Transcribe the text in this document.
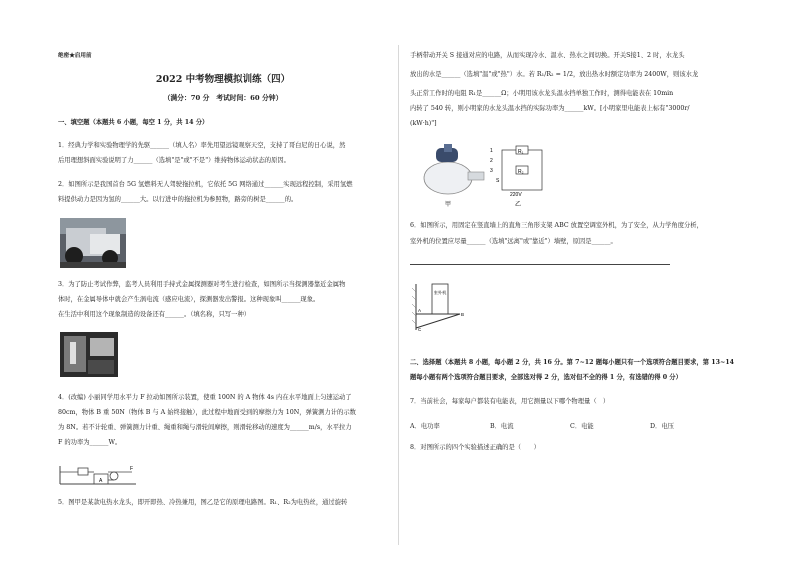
绝密★启用前

2022 中考物理模拟训练（四）

（满分：70 分　考试时间：60 分钟）

一、填空题（本题共 6 小题，每空 1 分，共 14 分）

1．经典力学和实验物理学的先驱______（填人名）率先用望远镜观察天空，支持了哥白尼的日心说，然

后用理想斜面实验说明了力______（选填"是"或"不是"）维持物体运动状态的原因。

2．如图所示是我国首台 5G 氢燃料无人驾驶拖拉机，它依托 5G 网络通过______实现远程控制，采用氢燃

料提供动力是因为氢的______大。以行进中的拖拉机为参照物，路旁的树是______的。

3．为了防止考试作弊，监考人员利用手持式金属探测器对考生进行检查，如图所示当探测器靠近金属物

体时，在金属导体中就会产生涡电流（感应电流），探测器发出警报。这种现象叫______现象。

在生活中利用这个现象制造的设备还有______。（填名称，只写一种）

4．(改编) 小丽同学用水平力 F 拉动如图所示装置，使重 100N 的 A 物体 4s 内在水平地面上匀速运动了

80cm，物体 B 重 50N（物体 B 与 A 始终接触），此过程中地面受到的摩擦力为 10N，弹簧测力计的示数

为 8N。若不计轮重、弹簧测力计重、绳重和绳与滑轮间摩擦，则滑轮移动的速度为______m/s，水平拉力

F 的功率为______W。

A
F

5．图甲是某款电热水龙头，即开即热、冷热兼用，图乙是它的原理电路图。R₁、R₂为电热丝，通过旋转

手柄带动开关 S 接通对应的电路，从而实现冷水、温水、热水之间切换。开关S接1、2 时，水龙头

放出的水是______（选填"温"或"热"）水。若 R₁/R₂ = 1/2，放出热水时额定功率为 2400W，则该水龙

头正常工作时的电阻 R₁是______Ω；小明用该水龙头温水挡单独工作时，测得电能表在 10min

内转了 540 转，则小明家的水龙头温水挡的实际功率为______kW。[小明家里电能表上标有"3000r/

(kW·h)"]

甲
R₁
R₂
1
2
3
S
220V
乙

6．如图所示，用固定在竖直墙上的直角三角形支架 ABC 放置空调室外机，为了安全，从力学角度分析，

室外机的位置应尽量______（选填"远离"或"靠近"）墙壁，原因是______。

室外机
A
B
C

二、选择题（本题共 8 小题，每小题 2 分，共 16 分。第 7~12 题每小题只有一个选项符合题目要求，第 13~14

题每小题有两个选项符合题目要求，全部选对得 2 分，选对但不全的得 1 分，有选错的得 0 分）

7．当前社会，每家每户都装有电能表，用它测量以下哪个物理量（　）

A．电功率	B．电流	C．电能	D．电压

8．对图所示的四个实验描述正确的是（　　）
